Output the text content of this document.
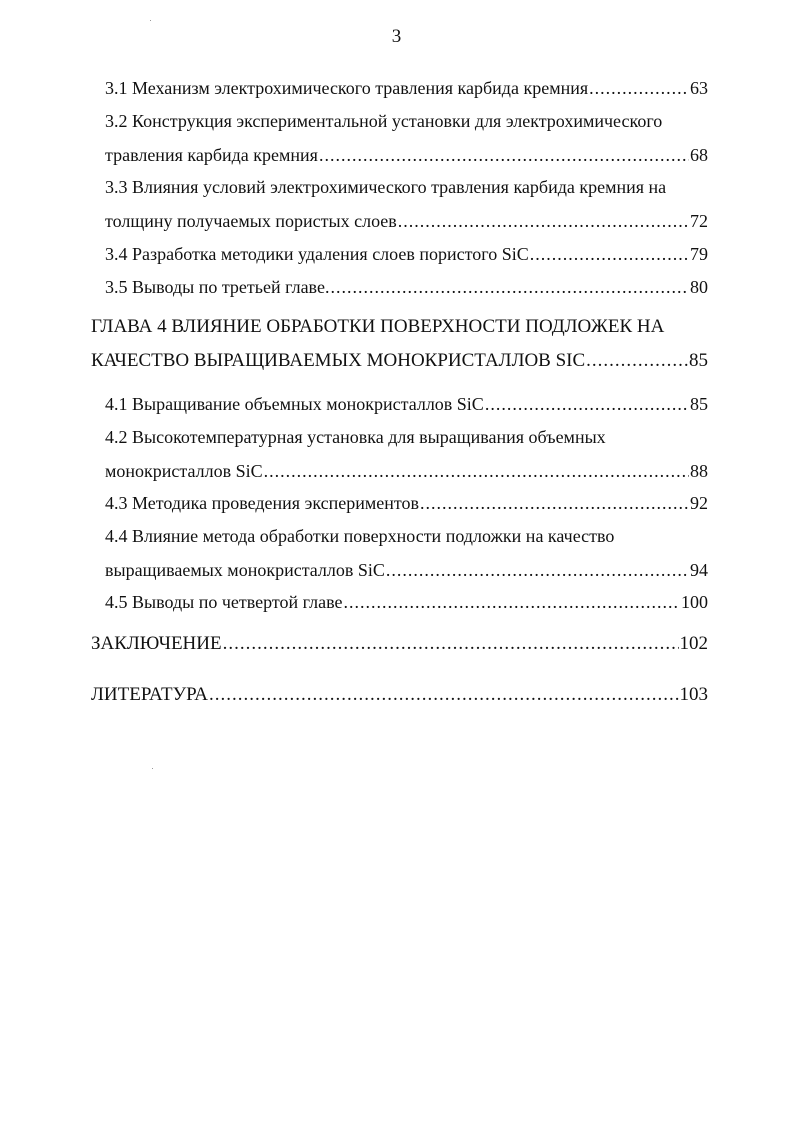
3
3.1 Механизм электрохимического травления карбида кремния .....	63
3.2 Конструкция экспериментальной установки для электрохимического
травления карбида кремния .....	68
3.3 Влияния условий электрохимического травления карбида кремния на
толщину получаемых пористых слоев .....	72
3.4 Разработка методики удаления слоев пористого SiC .....	79
3.5 Выводы по третьей главе. .....	80
ГЛАВА 4 ВЛИЯНИЕ ОБРАБОТКИ ПОВЕРХНОСТИ ПОДЛОЖЕК НА
КАЧЕСТВО ВЫРАЩИВАЕМЫХ МОНОКРИСТАЛЛОВ SIC .....	85
4.1 Выращивание объемных монокристаллов SiC .....	85
4.2 Высокотемпературная установка для выращивания объемных
монокристаллов SiC .....	88
4.3 Методика проведения экспериментов .....	92
4.4 Влияние метода обработки поверхности подложки на качество
выращиваемых монокристаллов SiC .....	94
4.5 Выводы по четвертой главе .....	100
ЗАКЛЮЧЕНИЕ .....	102
ЛИТЕРАТУРА .....	103
